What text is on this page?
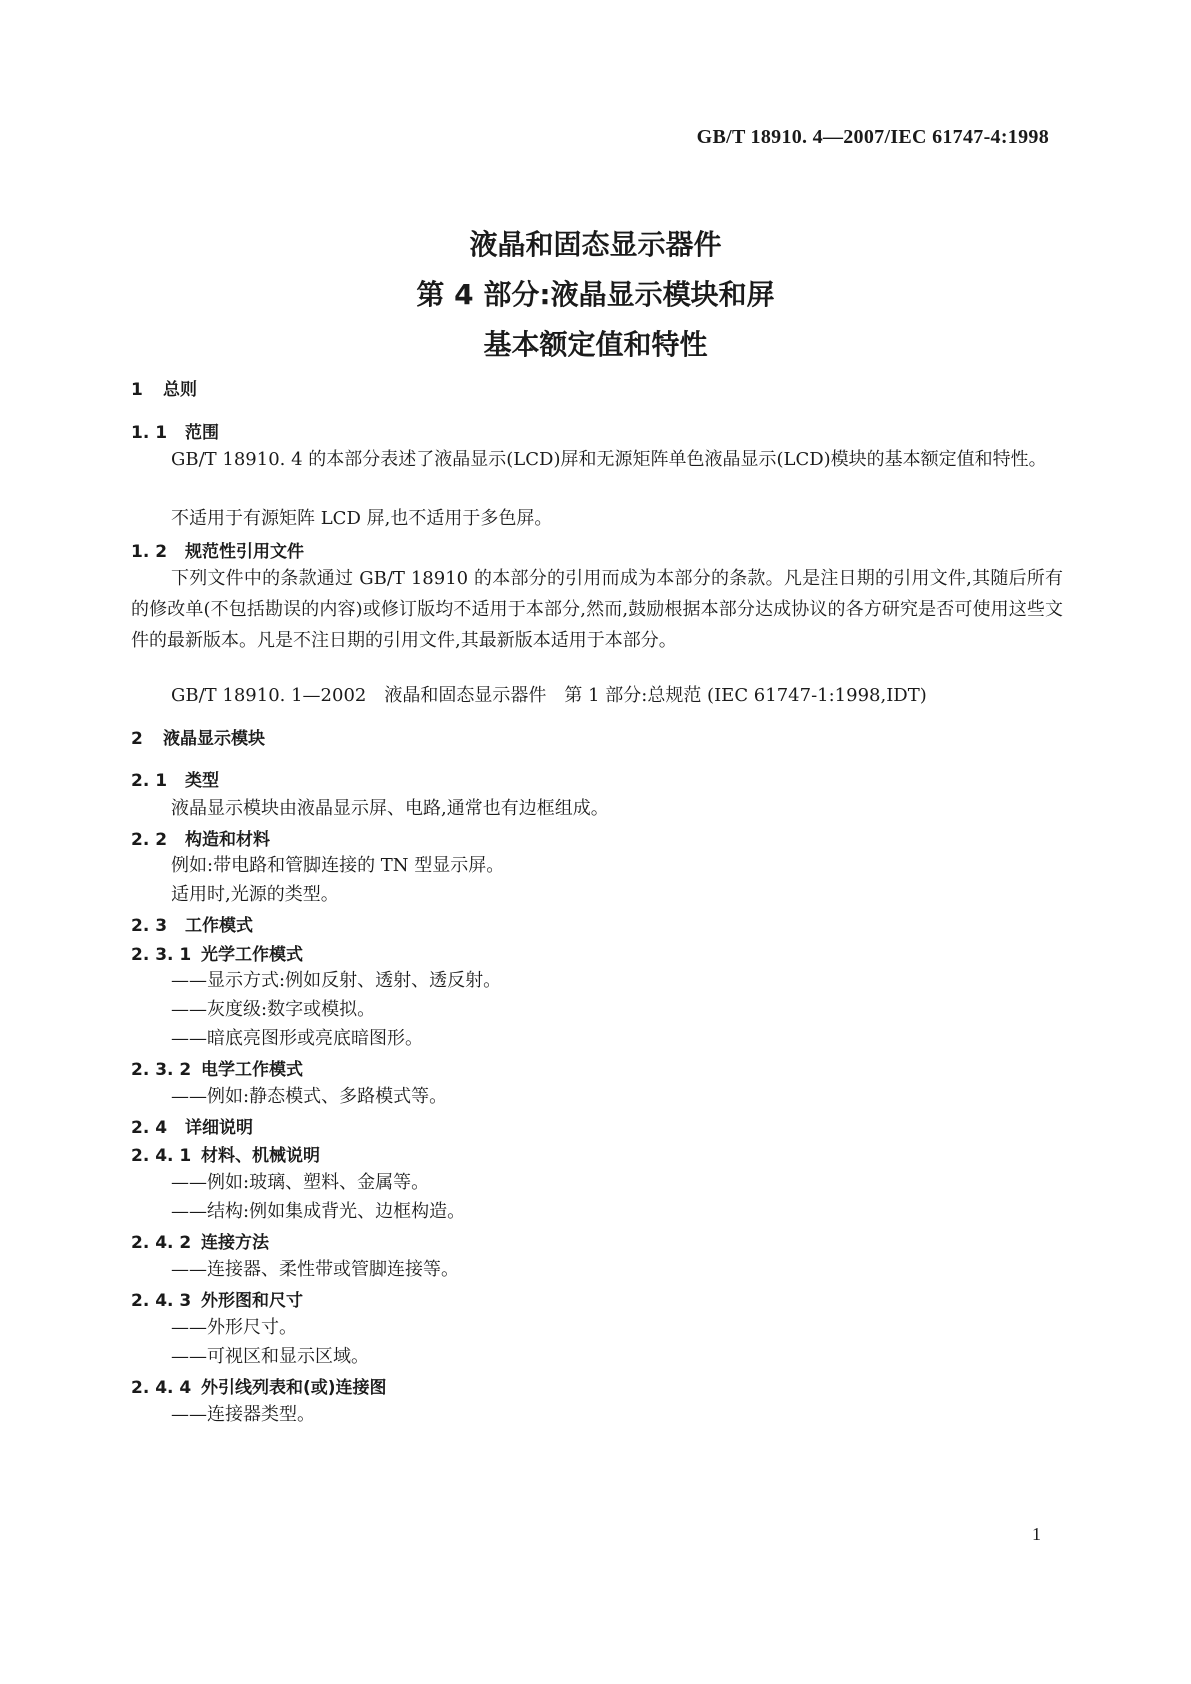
GB/T 18910. 4—2007/IEC 61747-4:1998
液晶和固态显示器件
第 4 部分:液晶显示模块和屏
基本额定值和特性
1 总则
1. 1 范围
GB/T 18910. 4 的本部分表述了液晶显示(LCD)屏和无源矩阵单色液晶显示(LCD)模块的基本额定值和特性。
不适用于有源矩阵 LCD 屏,也不适用于多色屏。
1. 2 规范性引用文件
下列文件中的条款通过 GB/T 18910 的本部分的引用而成为本部分的条款。凡是注日期的引用文件,其随后所有的修改单(不包括勘误的内容)或修订版均不适用于本部分,然而,鼓励根据本部分达成协议的各方研究是否可使用这些文件的最新版本。凡是不注日期的引用文件,其最新版本适用于本部分。
GB/T 18910. 1—2002　液晶和固态显示器件　第 1 部分:总规范 (IEC 61747-1:1998,IDT)
2 液晶显示模块
2. 1 类型
液晶显示模块由液晶显示屏、电路,通常也有边框组成。
2. 2 构造和材料
例如:带电路和管脚连接的 TN 型显示屏。
适用时,光源的类型。
2. 3 工作模式
2. 3. 1 光学工作模式
——显示方式:例如反射、透射、透反射。
——灰度级:数字或模拟。
——暗底亮图形或亮底暗图形。
2. 3. 2 电学工作模式
——例如:静态模式、多路模式等。
2. 4 详细说明
2. 4. 1 材料、机械说明
——例如:玻璃、塑料、金属等。
——结构:例如集成背光、边框构造。
2. 4. 2 连接方法
——连接器、柔性带或管脚连接等。
2. 4. 3 外形图和尺寸
——外形尺寸。
——可视区和显示区域。
2. 4. 4 外引线列表和(或)连接图
——连接器类型。
1
